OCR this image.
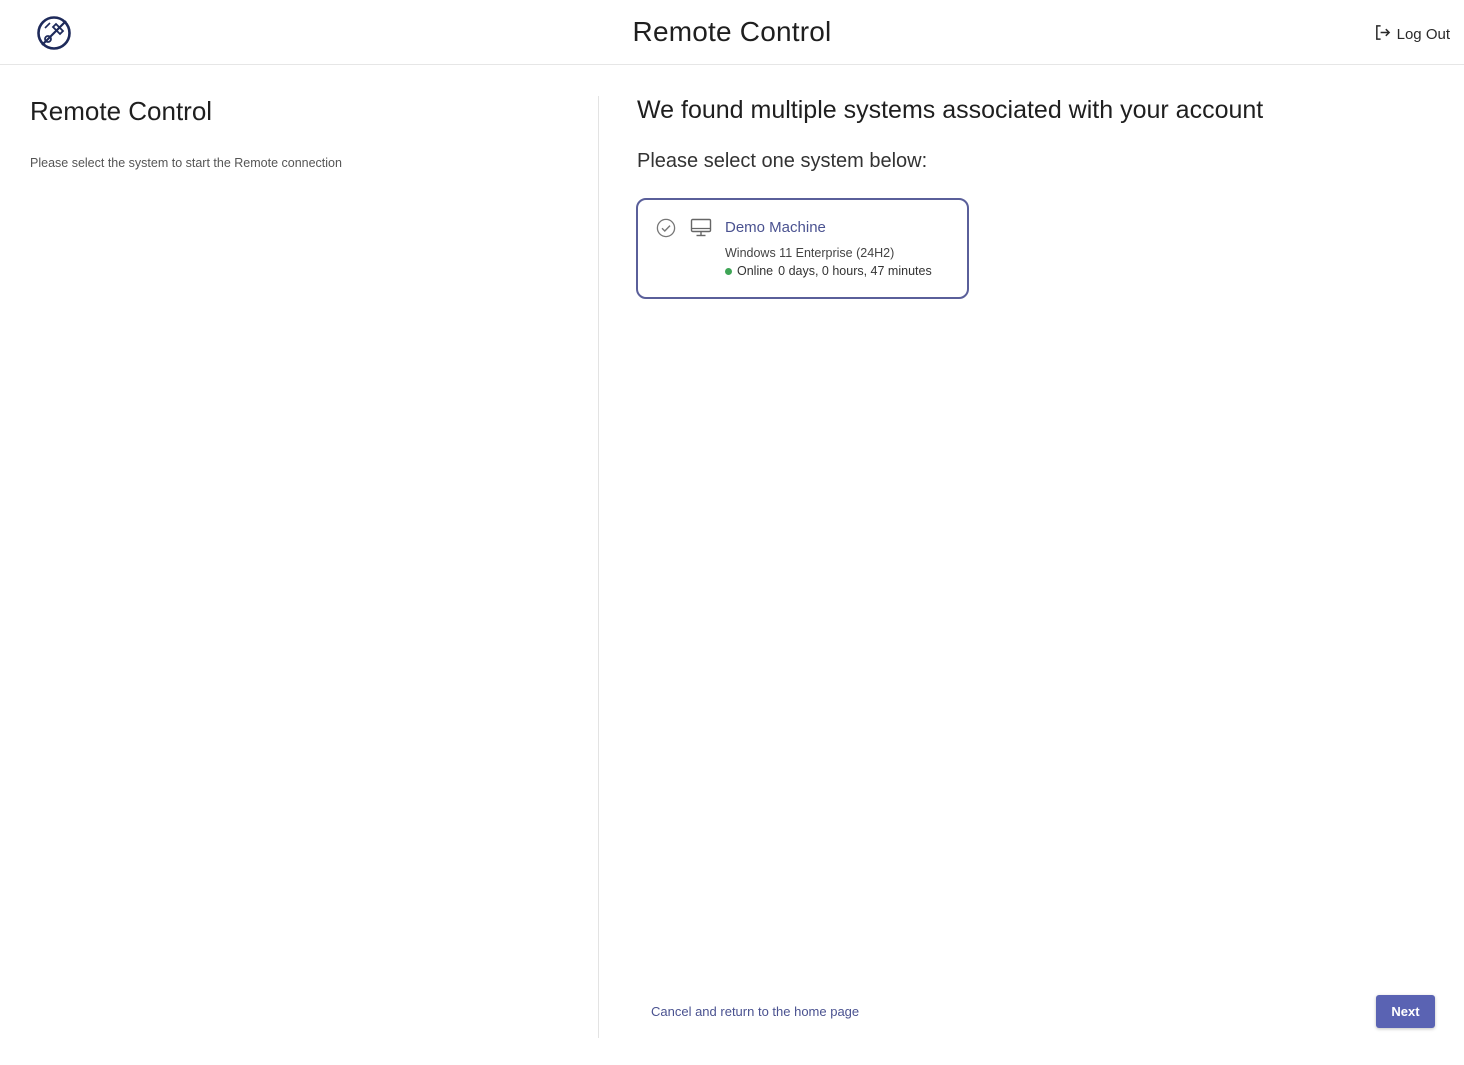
Remote Control	Log Out
Remote Control
Please select the system to start the Remote connection
We found multiple systems associated with your account
Please select one system below:
Demo Machine
Windows 11 Enterprise (24H2)
Online 0 days, 0 hours, 47 minutes
Cancel and return to the home page	Next
